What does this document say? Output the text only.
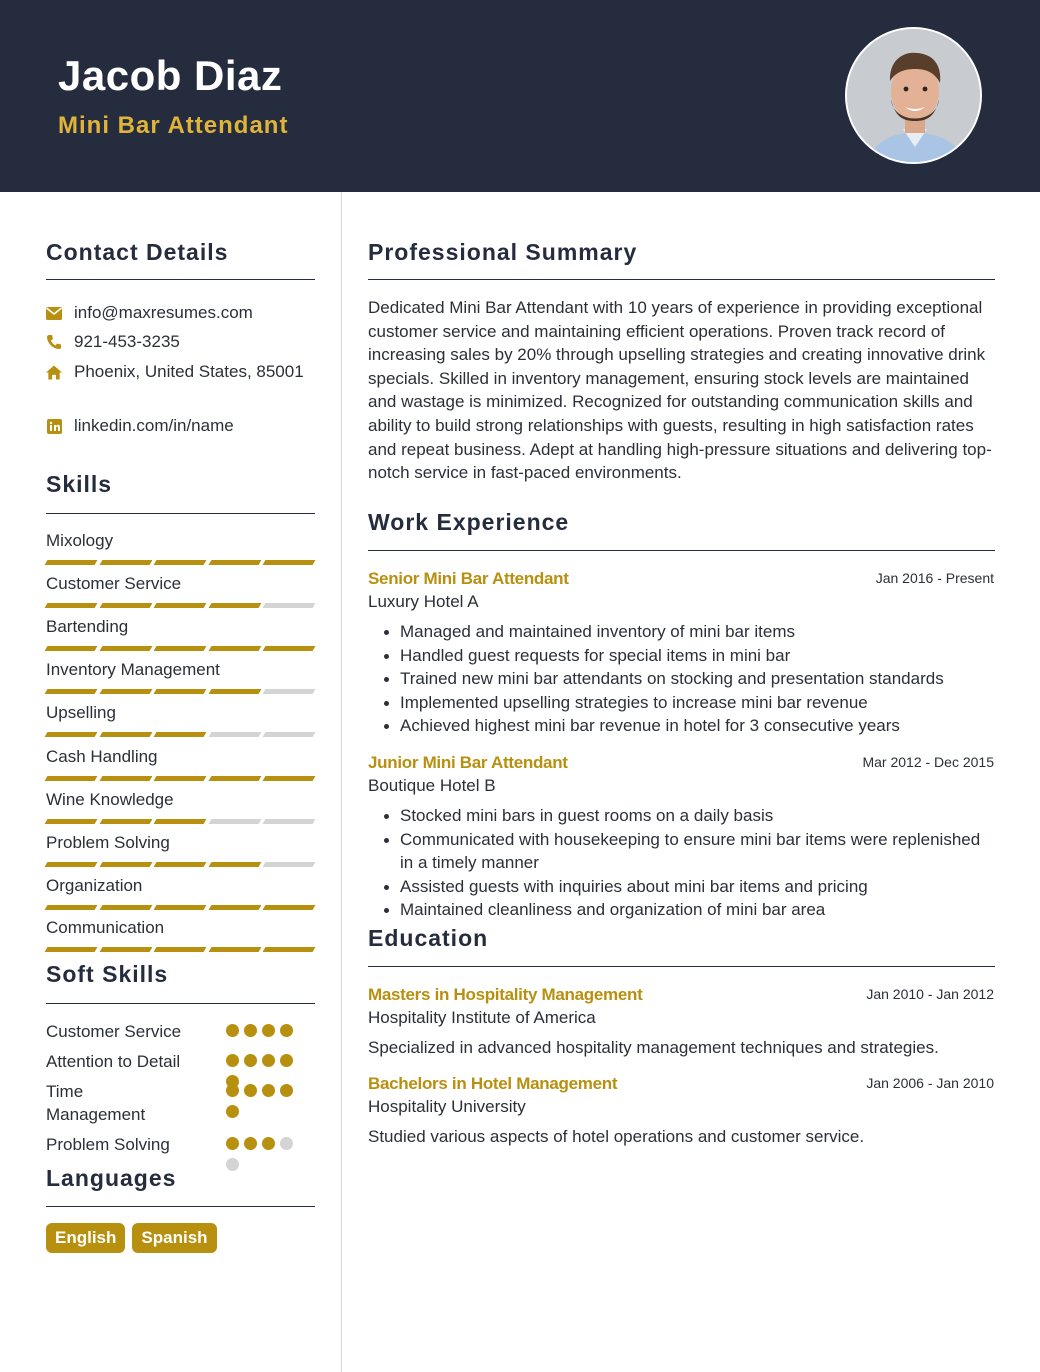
Jacob Diaz
Mini Bar Attendant
Contact Details
info@maxresumes.com
921-453-3235
Phoenix, United States, 85001
linkedin.com/in/name
Skills
Mixology
Customer Service
Bartending
Inventory Management
Upselling
Cash Handling
Wine Knowledge
Problem Solving
Organization
Communication
Soft Skills
Customer Service
Attention to Detail
Time Management
Problem Solving
Languages
English	Spanish
Professional Summary
Dedicated Mini Bar Attendant with 10 years of experience in providing exceptional customer service and maintaining efficient operations. Proven track record of increasing sales by 20% through upselling strategies and creating innovative drink specials. Skilled in inventory management, ensuring stock levels are maintained and wastage is minimized. Recognized for outstanding communication skills and ability to build strong relationships with guests, resulting in high satisfaction rates and repeat business. Adept at handling high-pressure situations and delivering top-notch service in fast-paced environments.
Work Experience
Senior Mini Bar Attendant	Jan 2016 - Present
Luxury Hotel A
Managed and maintained inventory of mini bar items
Handled guest requests for special items in mini bar
Trained new mini bar attendants on stocking and presentation standards
Implemented upselling strategies to increase mini bar revenue
Achieved highest mini bar revenue in hotel for 3 consecutive years
Junior Mini Bar Attendant	Mar 2012 - Dec 2015
Boutique Hotel B
Stocked mini bars in guest rooms on a daily basis
Communicated with housekeeping to ensure mini bar items were replenished in a timely manner
Assisted guests with inquiries about mini bar items and pricing
Maintained cleanliness and organization of mini bar area
Education
Masters in Hospitality Management	Jan 2010 - Jan 2012
Hospitality Institute of America
Specialized in advanced hospitality management techniques and strategies.
Bachelors in Hotel Management	Jan 2006 - Jan 2010
Hospitality University
Studied various aspects of hotel operations and customer service.
